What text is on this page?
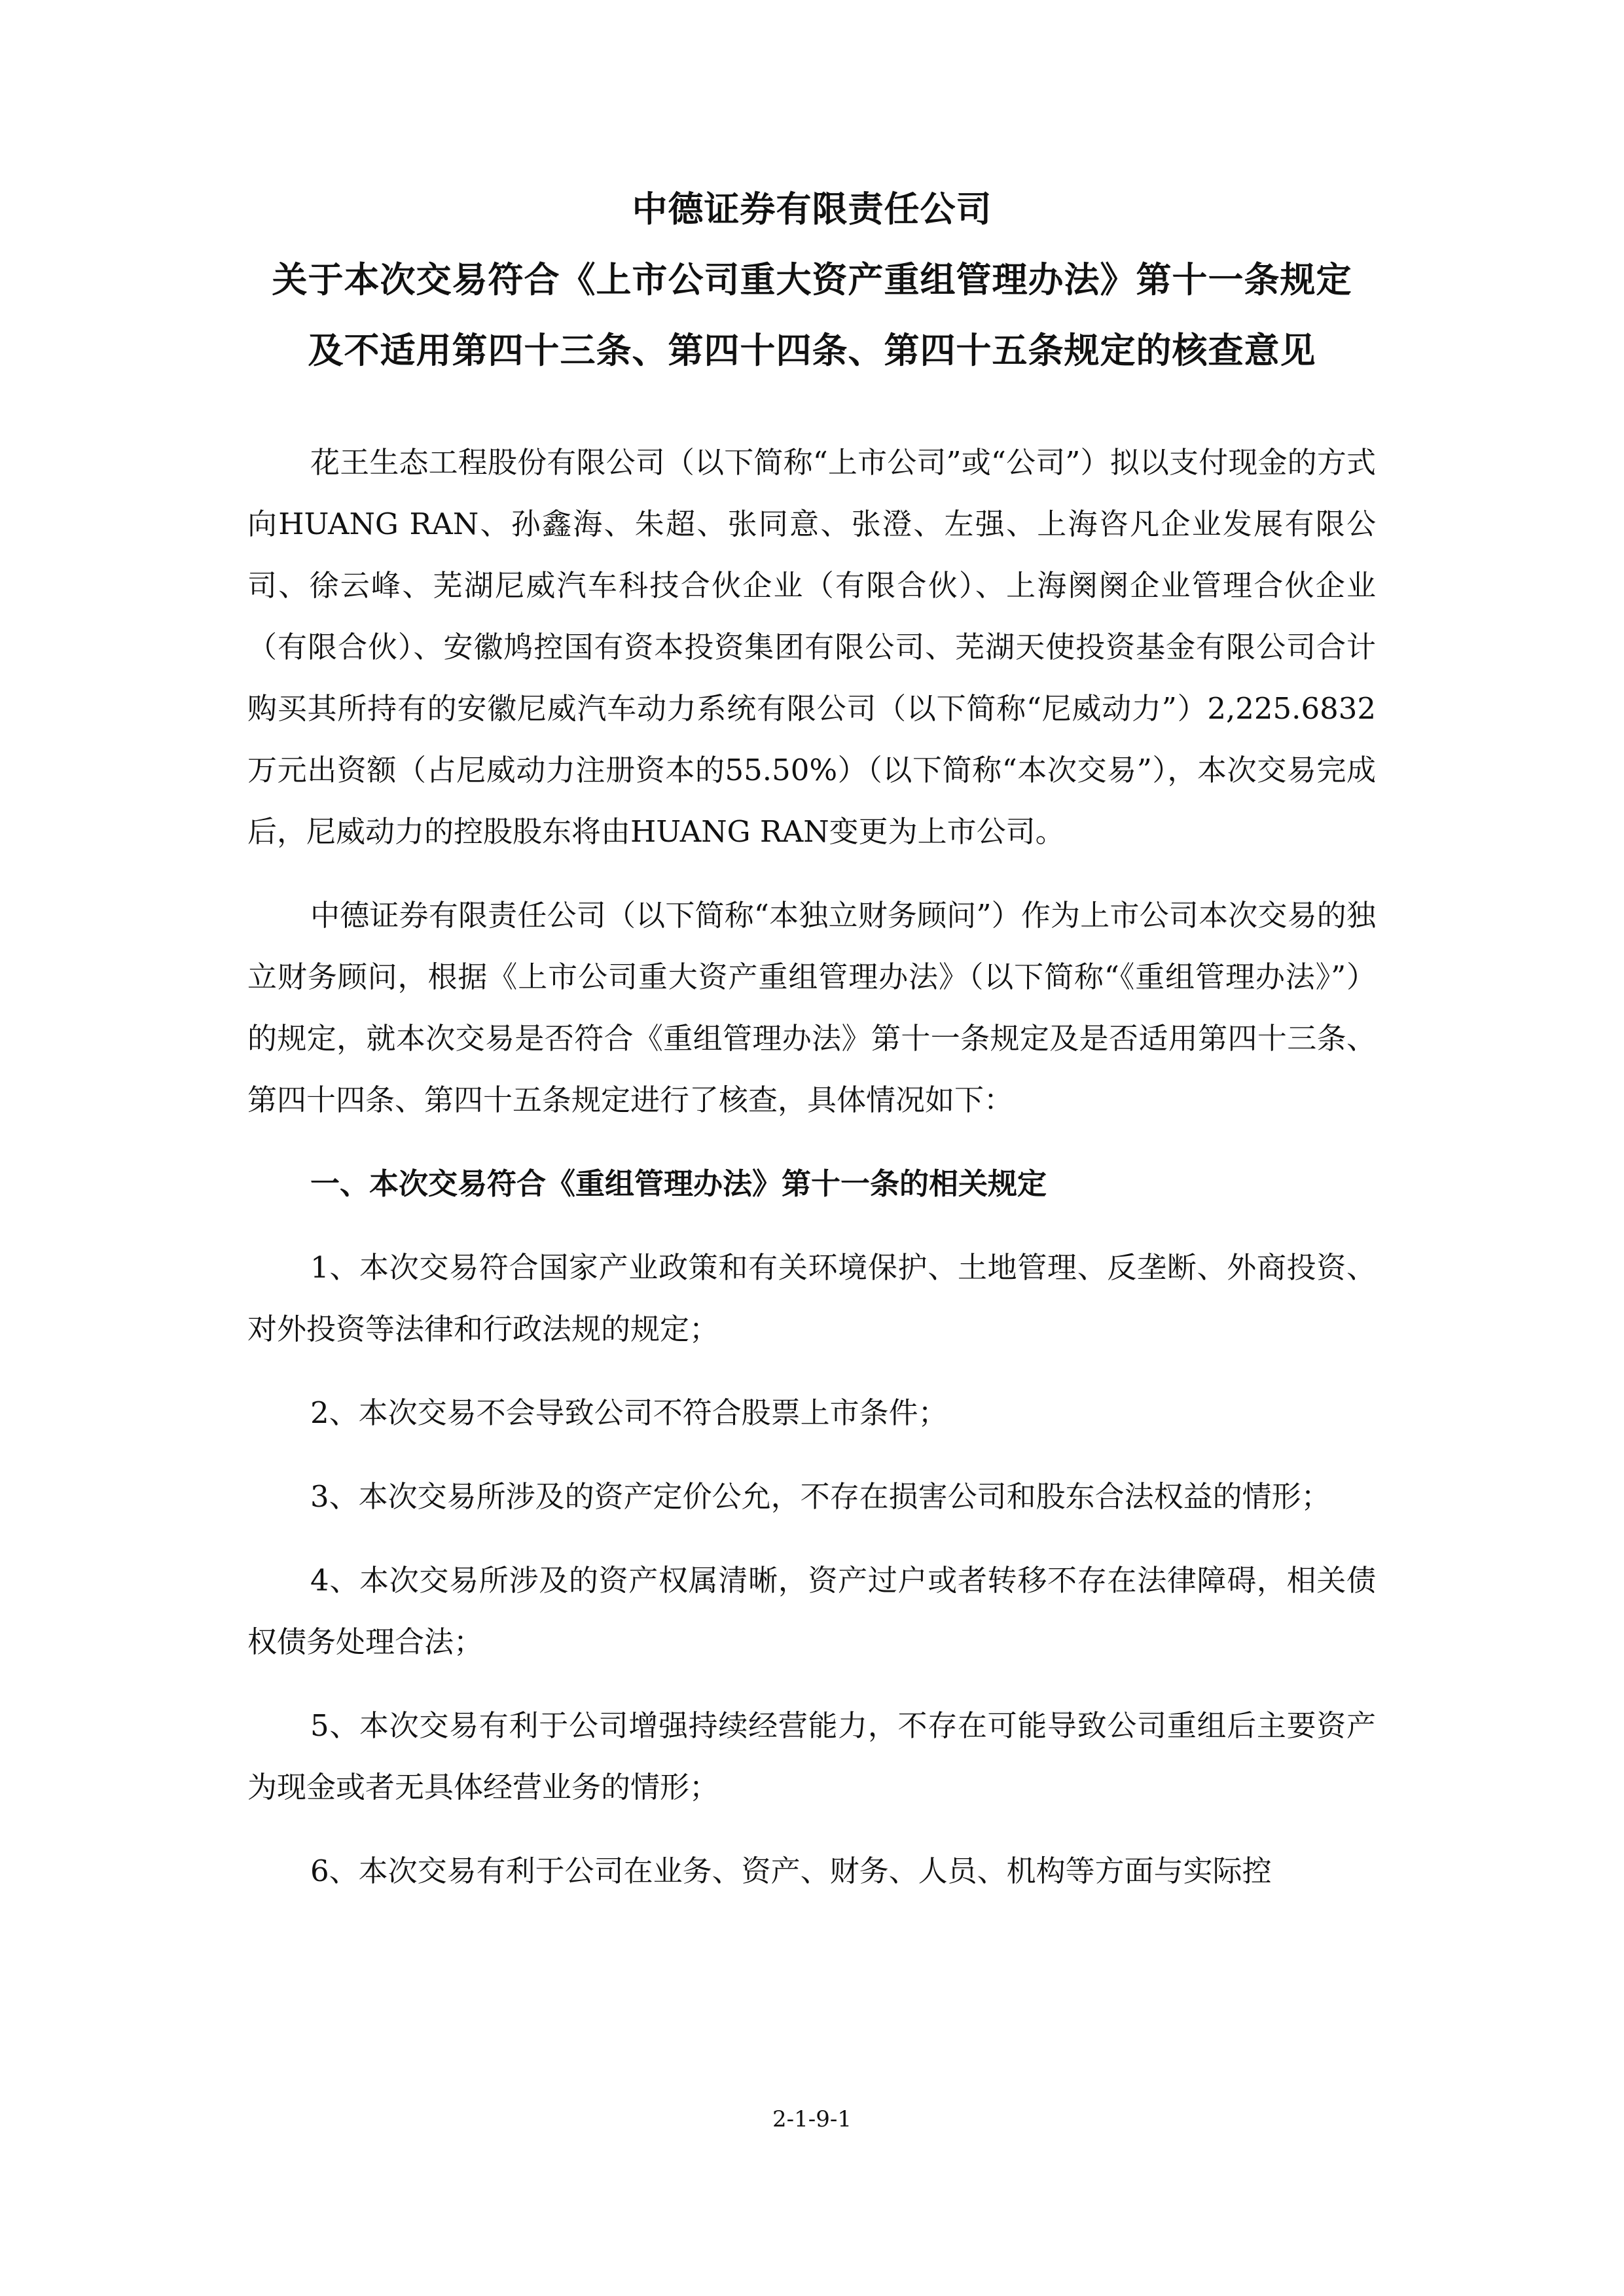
中德证券有限责任公司
关于本次交易符合《上市公司重大资产重组管理办法》第十一条规定
及不适用第四十三条、第四十四条、第四十五条规定的核查意见

花王生态工程股份有限公司（以下简称“上市公司”或“公司”）拟以支付现金的方式向HUANG RAN、孙鑫海、朱超、张同意、张澄、左强、上海咨凡企业发展有限公司、徐云峰、芜湖尼威汽车科技合伙企业（有限合伙）、上海阕阕企业管理合伙企业（有限合伙）、安徽鸠控国有资本投资集团有限公司、芜湖天使投资基金有限公司合计购买其所持有的安徽尼威汽车动力系统有限公司（以下简称“尼威动力”）2,225.6832万元出资额（占尼威动力注册资本的55.50%）（以下简称“本次交易”），本次交易完成后，尼威动力的控股股东将由HUANG RAN变更为上市公司。

中德证券有限责任公司（以下简称“本独立财务顾问”）作为上市公司本次交易的独立财务顾问，根据《上市公司重大资产重组管理办法》（以下简称“《重组管理办法》”）的规定，就本次交易是否符合《重组管理办法》第十一条规定及是否适用第四十三条、第四十四条、第四十五条规定进行了核查，具体情况如下：

一、本次交易符合《重组管理办法》第十一条的相关规定

1、本次交易符合国家产业政策和有关环境保护、土地管理、反垄断、外商投资、对外投资等法律和行政法规的规定；

2、本次交易不会导致公司不符合股票上市条件；

3、本次交易所涉及的资产定价公允，不存在损害公司和股东合法权益的情形；

4、本次交易所涉及的资产权属清晰，资产过户或者转移不存在法律障碍，相关债权债务处理合法；

5、本次交易有利于公司增强持续经营能力，不存在可能导致公司重组后主要资产为现金或者无具体经营业务的情形；

6、本次交易有利于公司在业务、资产、财务、人员、机构等方面与实际控

2-1-9-1
